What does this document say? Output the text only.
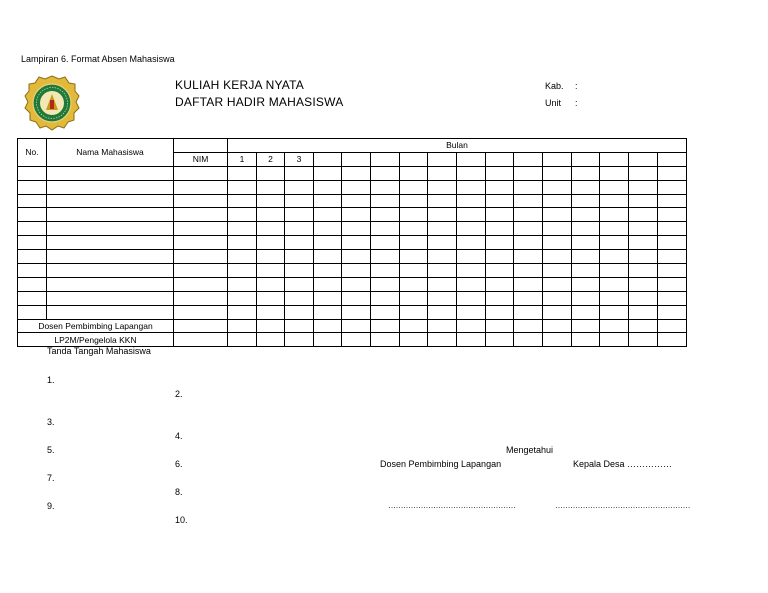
Lampiran 6. Format Absen Mahasiswa
KULIAH KERJA NYATA
DAFTAR HADIR MAHASISWA
Kab. :
Unit :
No.	Nama Mahasiswa		Bulan															
		NIM	1	2	3													

Dosen Pembimbing Lapangan																		
LP2M/Pengelola KKN																		
Tanda Tangah Mahasiswa
1.
2.
3.
4.
5.
6.
7.
8.
9.
10.
Mengetahui
Dosen Pembimbing Lapangan	Kepala Desa ……………
……………………………………………	………………………………………………
